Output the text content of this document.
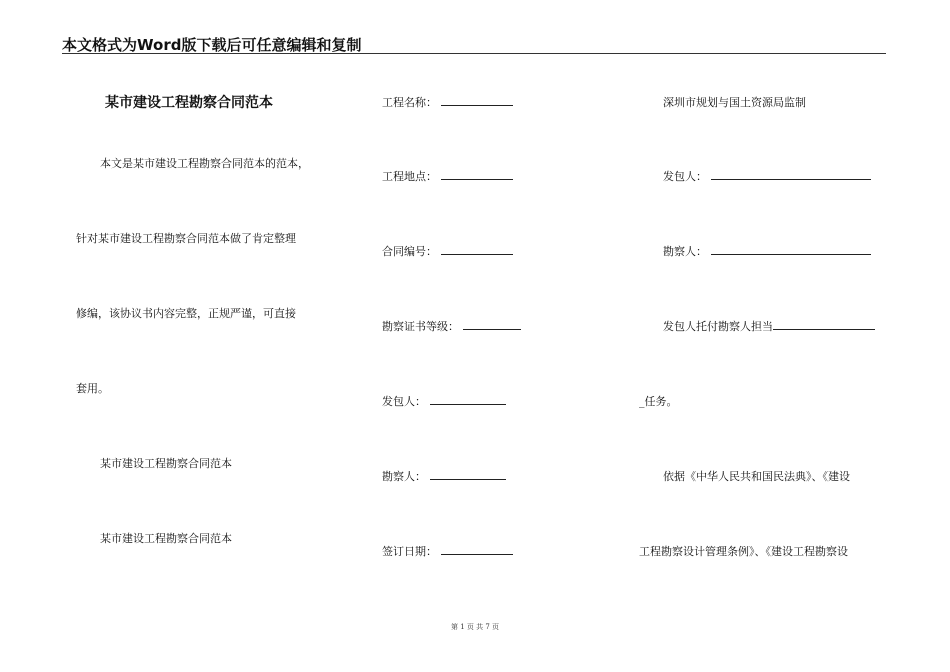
本文格式为Word版下载后可任意编辑和复制
某市建设工程勘察合同范本
本文是某市建设工程勘察合同范本的范本，
针对某市建设工程勘察合同范本做了肯定整理
修编，该协议书内容完整，正规严谨，可直接
套用。
某市建设工程勘察合同范本
某市建设工程勘察合同范本
工程名称：
工程地点：
合同编号：
勘察证书等级：
发包人：
勘察人：
签订日期：
深圳市规划与国土资源局监制
发包人：
勘察人：
发包人托付勘察人担当
_任务。
依据《中华人民共和国民法典》、《建设
工程勘察设计管理条例》、《建设工程勘察设
第 1 页 共 7 页
